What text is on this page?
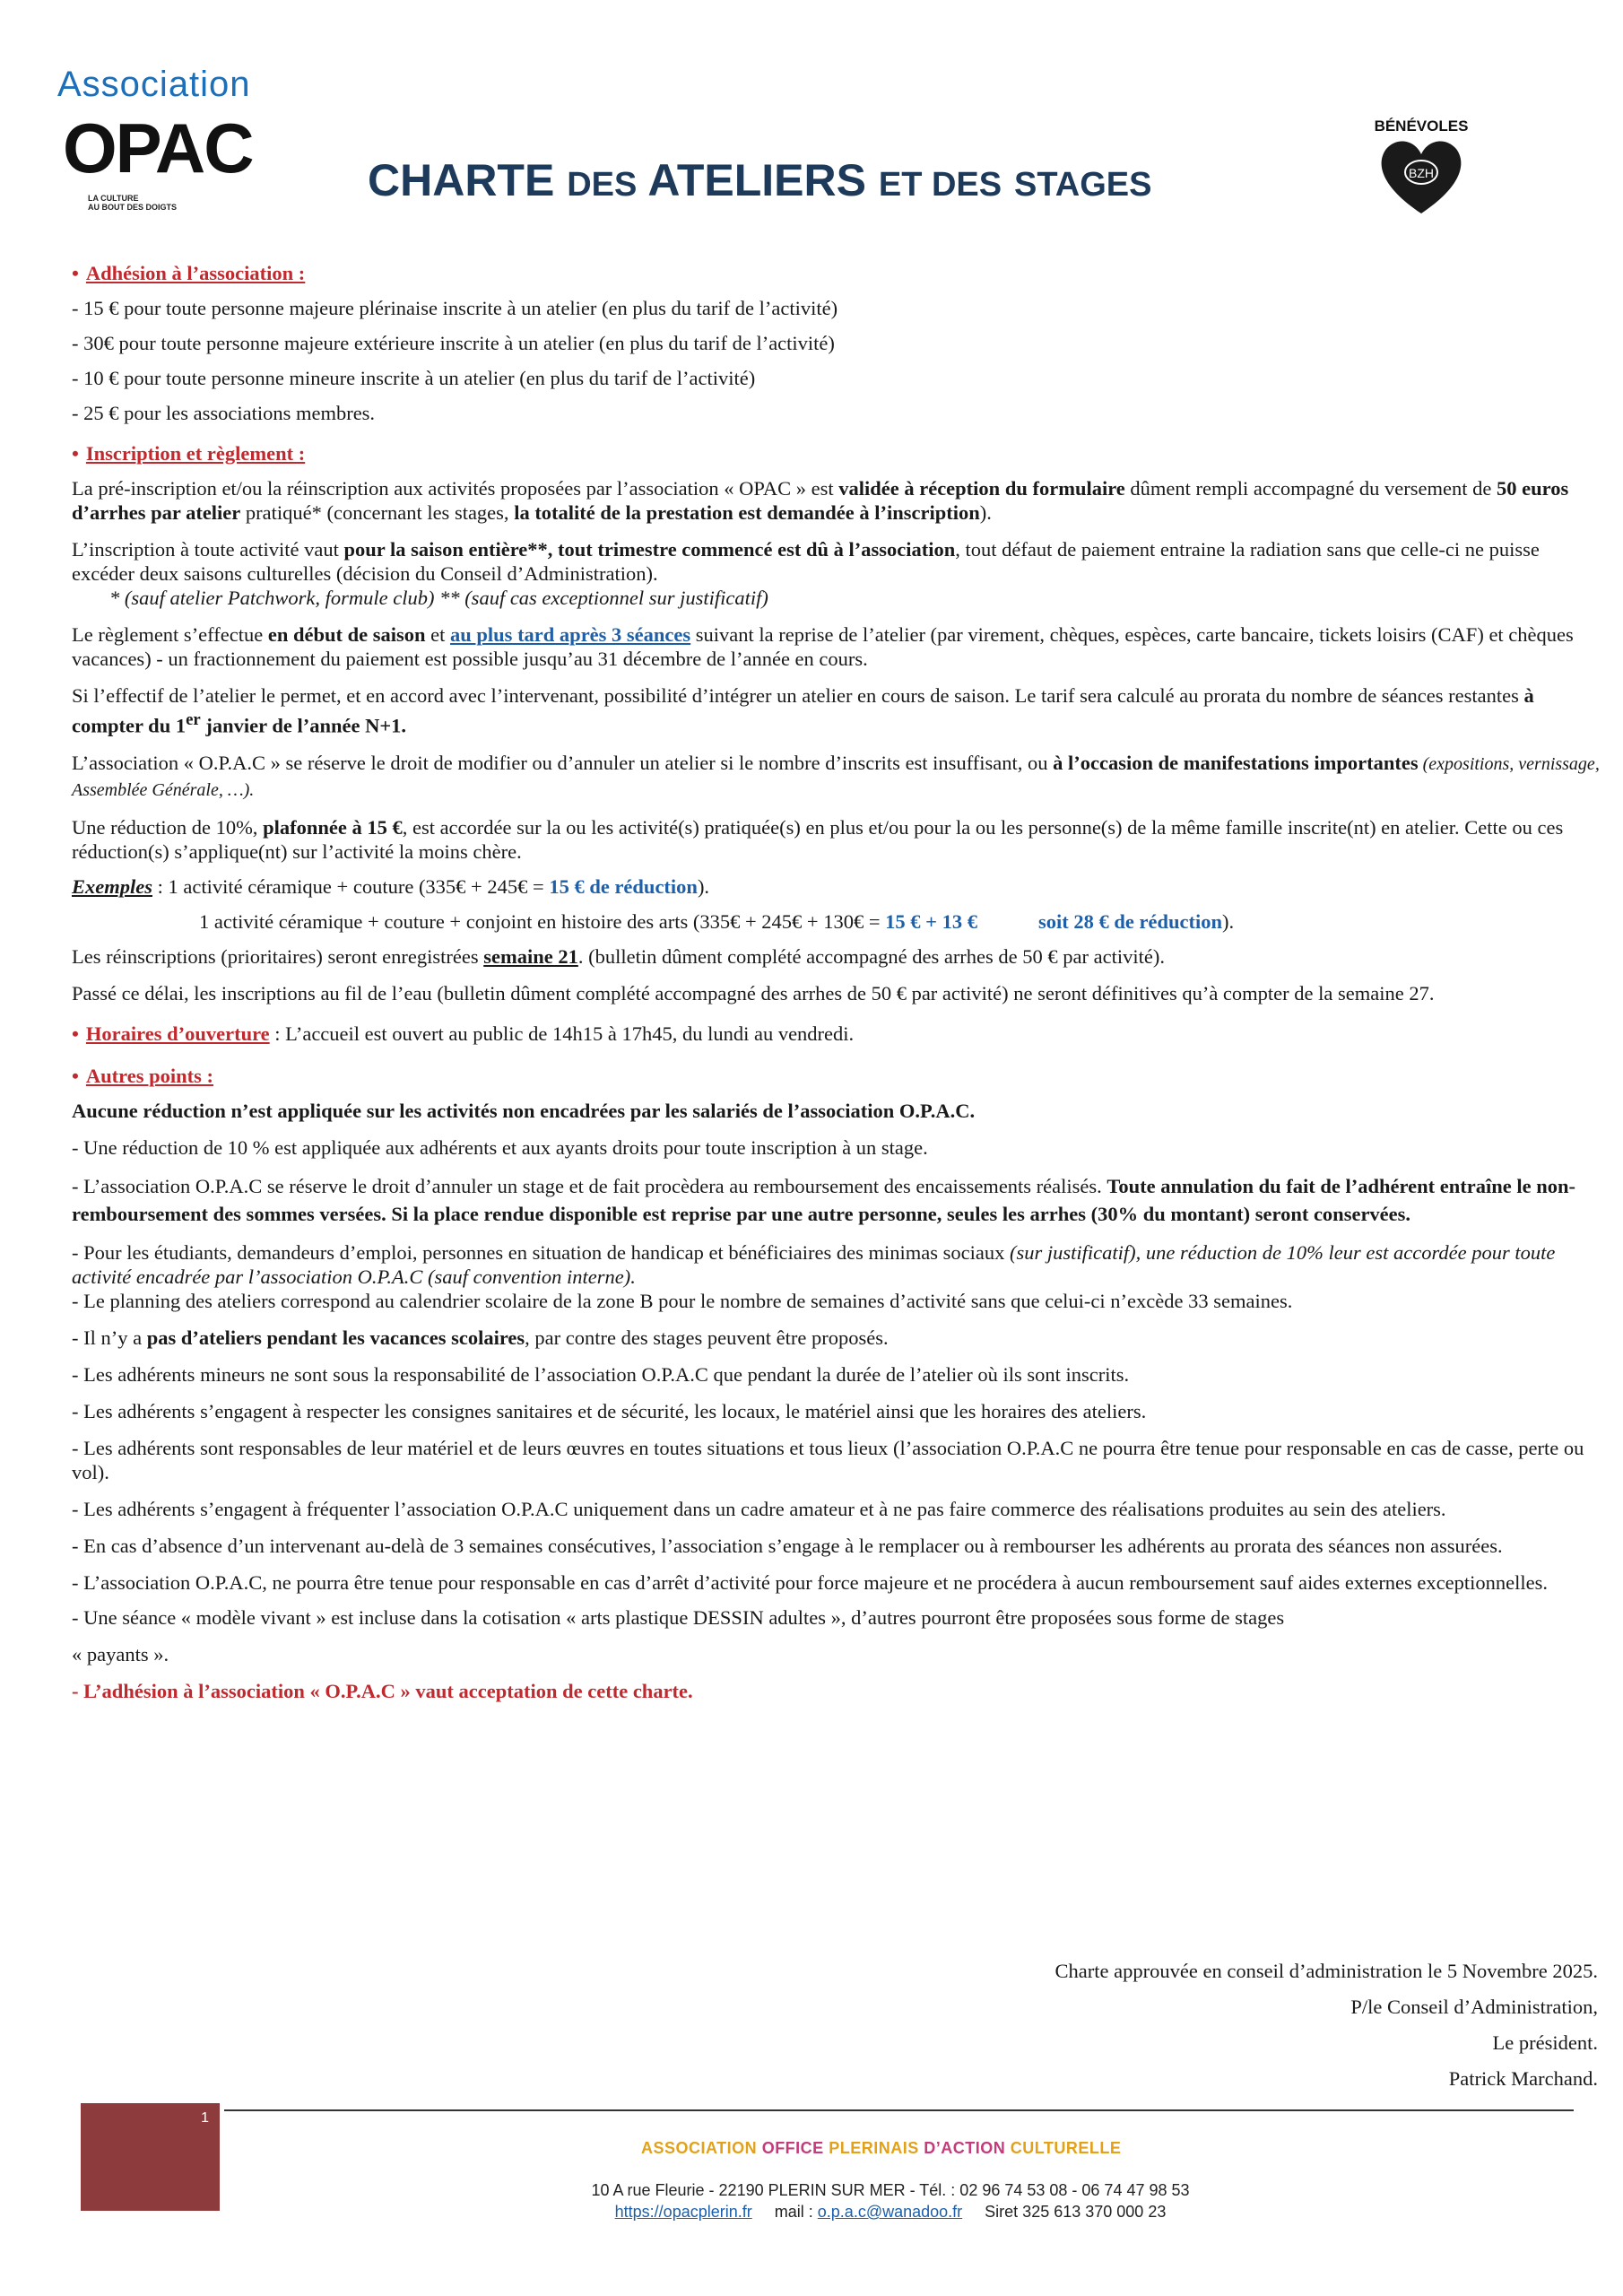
Association
OPAC
LA CULTURE
AU BOUT DES DOIGTS
CHARTE DES ATELIERS ET DES STAGES
BÉNÉVOLES
BZH

• Adhésion à l’association :

- 15 € pour toute personne majeure plérinaise inscrite à un atelier (en plus du tarif de l’activité)

- 30€ pour toute personne majeure extérieure inscrite à un atelier (en plus du tarif de l’activité)

- 10 € pour toute personne mineure inscrite à un atelier (en plus du tarif de l’activité)

- 25 € pour les associations membres.

• Inscription et règlement :

La pré-inscription et/ou la réinscription aux activités proposées par l’association « OPAC » est validée à réception du formulaire dûment rempli accompagné du versement de 50 euros d’arrhes par atelier pratiqué* (concernant les stages, la totalité de la prestation est demandée à l’inscription).

L’inscription à toute activité vaut pour la saison entière**, tout trimestre commencé est dû à l’association, tout défaut de paiement entraine la radiation sans que celle-ci ne puisse excéder deux saisons culturelles (décision du Conseil d’Administration).

* (sauf atelier Patchwork, formule club) ** (sauf cas exceptionnel sur justificatif)

Le règlement s’effectue en début de saison et au plus tard après 3 séances suivant la reprise de l’atelier (par virement, chèques, espèces, carte bancaire, tickets loisirs (CAF) et chèques vacances) - un fractionnement du paiement est possible jusqu’au 31 décembre de l’année en cours.

Si l’effectif de l’atelier le permet, et en accord avec l’intervenant, possibilité d’intégrer un atelier en cours de saison. Le tarif sera calculé au prorata du nombre de séances restantes à compter du 1er janvier de l’année N+1.

L’association « O.P.A.C » se réserve le droit de modifier ou d’annuler un atelier si le nombre d’inscrits est insuffisant, ou à l’occasion de manifestations importantes (expositions, vernissage, Assemblée Générale, …).

Une réduction de 10%, plafonnée à 15 €, est accordée sur la ou les activité(s) pratiquée(s) en plus et/ou pour la ou les personne(s) de la même famille inscrite(nt) en atelier. Cette ou ces réduction(s) s’applique(nt) sur l’activité la moins chère.

Exemples : 1 activité céramique + couture (335€ + 245€ = 15 € de réduction).

1 activité céramique + couture + conjoint en histoire des arts (335€ + 245€ + 130€ = 15 € + 13 €	soit 28 € de réduction).

Les réinscriptions (prioritaires) seront enregistrées semaine 21. (bulletin dûment complété accompagné des arrhes de 50 € par activité).

Passé ce délai, les inscriptions au fil de l’eau (bulletin dûment complété accompagné des arrhes de 50 € par activité) ne seront définitives qu’à compter de la semaine 27.

• Horaires d’ouverture : L’accueil est ouvert au public de 14h15 à 17h45, du lundi au vendredi.

• Autres points :

Aucune réduction n’est appliquée sur les activités non encadrées par les salariés de l’association O.P.A.C.

- Une réduction de 10 % est appliquée aux adhérents et aux ayants droits pour toute inscription à un stage.

- L’association O.P.A.C se réserve le droit d’annuler un stage et de fait procèdera au remboursement des encaissements réalisés. Toute annulation du fait de l’adhérent entraîne le non-remboursement des sommes versées. Si la place rendue disponible est reprise par une autre personne, seules les arrhes (30% du montant) seront conservées.

- Pour les étudiants, demandeurs d’emploi, personnes en situation de handicap et bénéficiaires des minimas sociaux (sur justificatif), une réduction de 10% leur est accordée pour toute activité encadrée par l’association O.P.A.C (sauf convention interne).

- Le planning des ateliers correspond au calendrier scolaire de la zone B pour le nombre de semaines d’activité sans que celui-ci n’excède 33 semaines.

- Il n’y a pas d’ateliers pendant les vacances scolaires, par contre des stages peuvent être proposés.

- Les adhérents mineurs ne sont sous la responsabilité de l’association O.P.A.C que pendant la durée de l’atelier où ils sont inscrits.

- Les adhérents s’engagent à respecter les consignes sanitaires et de sécurité, les locaux, le matériel ainsi que les horaires des ateliers.

- Les adhérents sont responsables de leur matériel et de leurs œuvres en toutes situations et tous lieux (l’association O.P.A.C ne pourra être tenue pour responsable en cas de casse, perte ou vol).

- Les adhérents s’engagent à fréquenter l’association O.P.A.C uniquement dans un cadre amateur et à ne pas faire commerce des réalisations produites au sein des ateliers.

- En cas d’absence d’un intervenant au-delà de 3 semaines consécutives, l’association s’engage à le remplacer ou à rembourser les adhérents au prorata des séances non assurées.

- L’association O.P.A.C, ne pourra être tenue pour responsable en cas d’arrêt d’activité pour force majeure et ne procédera à aucun remboursement sauf aides externes exceptionnelles.

- Une séance « modèle vivant » est incluse dans la cotisation « arts plastique DESSIN adultes », d’autres pourront être proposées sous forme de stages

« payants ».

- L’adhésion à l’association « O.P.A.C » vaut acceptation de cette charte.

Charte approuvée en conseil d’administration le 5 Novembre 2025.
P/le Conseil d’Administration,
Le président.
Patrick Marchand.
1
ASSOCIATION OFFICE PLERINAIS D’ACTION CULTURELLE
10 A rue Fleurie - 22190 PLERIN SUR MER - Tél. : 02 96 74 53 08 - 06 74 47 98 53
https://opacplerin.fr mail : o.p.a.c@wanadoo.fr Siret 325 613 370 000 23
